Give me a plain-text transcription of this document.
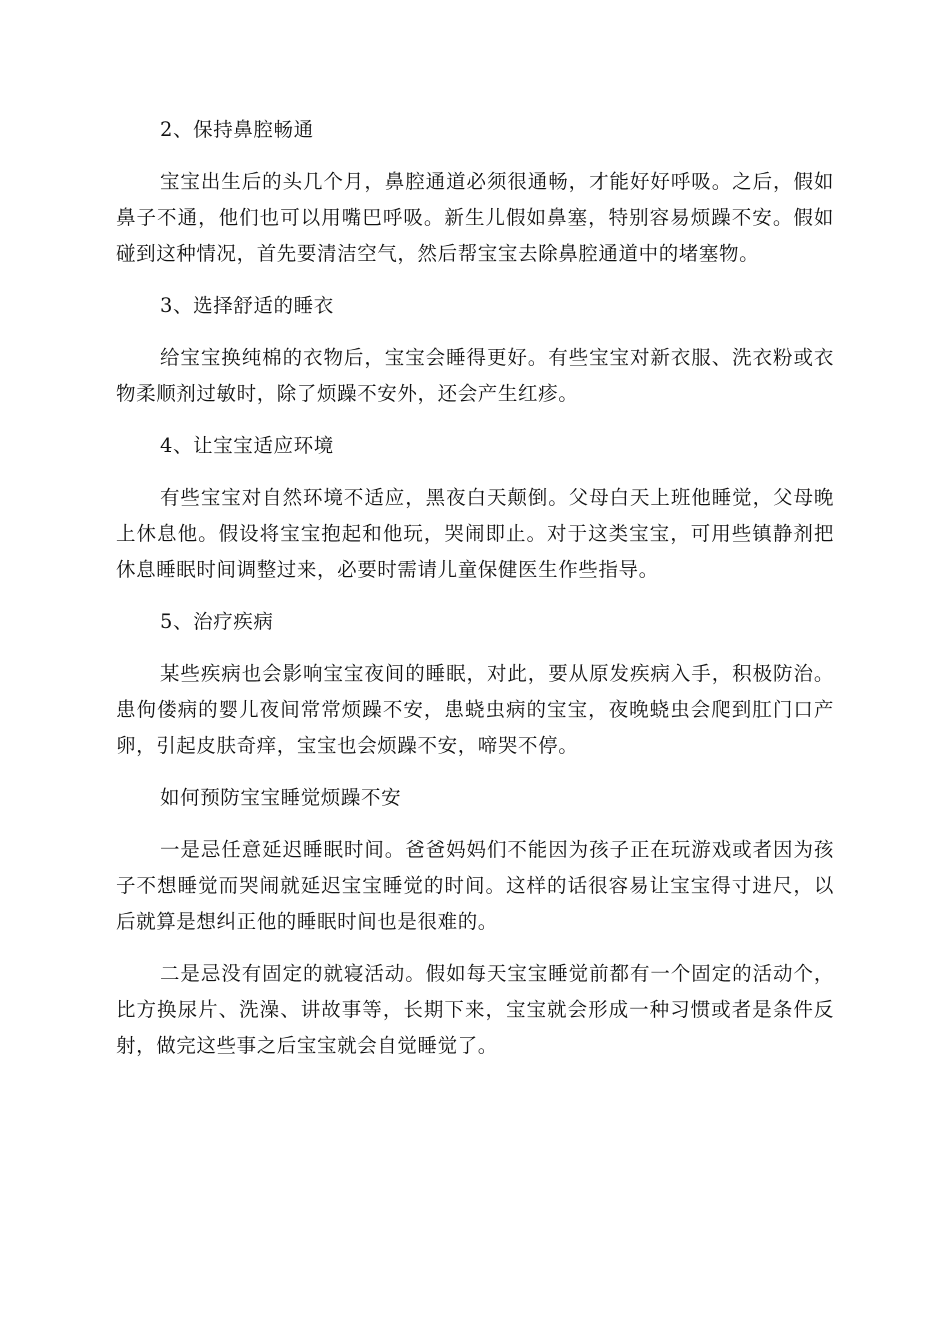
2、保持鼻腔畅通

宝宝出生后的头几个月，鼻腔通道必须很通畅，才能好好呼吸。之后，假如鼻子不通，他们也可以用嘴巴呼吸。新生儿假如鼻塞，特别容易烦躁不安。假如碰到这种情况，首先要清洁空气，然后帮宝宝去除鼻腔通道中的堵塞物。

3、选择舒适的睡衣

给宝宝换纯棉的衣物后，宝宝会睡得更好。有些宝宝对新衣服、洗衣粉或衣物柔顺剂过敏时，除了烦躁不安外，还会产生红疹。

4、让宝宝适应环境

有些宝宝对自然环境不适应，黑夜白天颠倒。父母白天上班他睡觉，父母晚上休息他。假设将宝宝抱起和他玩，哭闹即止。对于这类宝宝，可用些镇静剂把休息睡眠时间调整过来，必要时需请儿童保健医生作些指导。

5、治疗疾病

某些疾病也会影响宝宝夜间的睡眠，对此，要从原发疾病入手，积极防治。患佝偻病的婴儿夜间常常烦躁不安，患蛲虫病的宝宝，夜晚蛲虫会爬到肛门口产卵，引起皮肤奇痒，宝宝也会烦躁不安，啼哭不停。

如何预防宝宝睡觉烦躁不安

一是忌任意延迟睡眠时间。爸爸妈妈们不能因为孩子正在玩游戏或者因为孩子不想睡觉而哭闹就延迟宝宝睡觉的时间。这样的话很容易让宝宝得寸进尺，以后就算是想纠正他的睡眠时间也是很难的。

二是忌没有固定的就寝活动。假如每天宝宝睡觉前都有一个固定的活动个，比方换尿片、洗澡、讲故事等，长期下来，宝宝就会形成一种习惯或者是条件反射，做完这些事之后宝宝就会自觉睡觉了。
